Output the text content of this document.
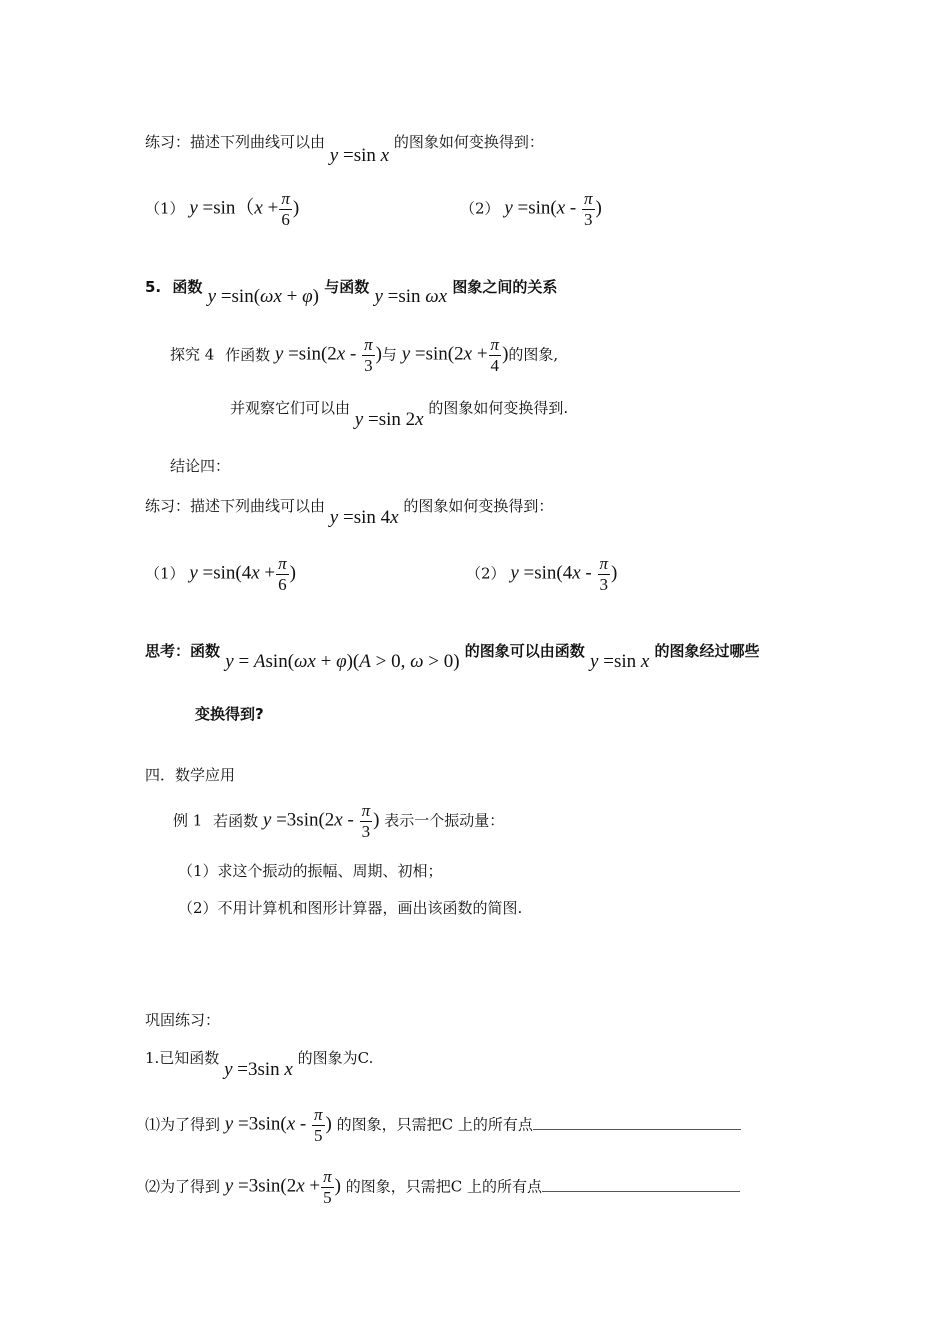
练习：描述下列曲线可以由 y =sin x 的图象如何变换得到：
（1） $y =\sin(x + \frac{\pi}{6}$ )	（2） $y =\sin(x - \frac{\pi}{3}$ )
5. 函数 y =sin(ωx + φ) 与函数 y =sin ωx 图象之间的关系
探究 4 作函数 $y =\sin(2x - \frac{\pi}{3}$ )与 $y =\sin(2x + \frac{\pi}{4}$ )的图象,
并观察它们可以由 y =sin 2x 的图象如何变换得到.
结论四：
练习：描述下列曲线可以由 y =sin 4x 的图象如何变换得到：
（1） $y =\sin(4x + \frac{\pi}{6}$ )	（2） $y =\sin(4x - \frac{\pi}{3}$ )
思考：函数 y = Asin(ωx + φ)(A > 0, ω > 0) 的图象可以由函数 y =sin x 的图象经过哪些
变换得到?
四．数学应用
例 1 若函数 $y =3\sin(2x - \frac{\pi}{3}$ ) 表示一个振动量：
（1）求这个振动的振幅、周期、初相；
（2）不用计算机和图形计算器，画出该函数的简图.
巩固练习：
1.已知函数 y =3sin x 的图象为C.
⑴为了得到 $y =3\sin(x - \frac{\pi}{5}$ ) 的图象，只需把C 上的所有点
⑵为了得到 $y =3\sin(2x + \frac{\pi}{5}$ ) 的图象，只需把C 上的所有点
